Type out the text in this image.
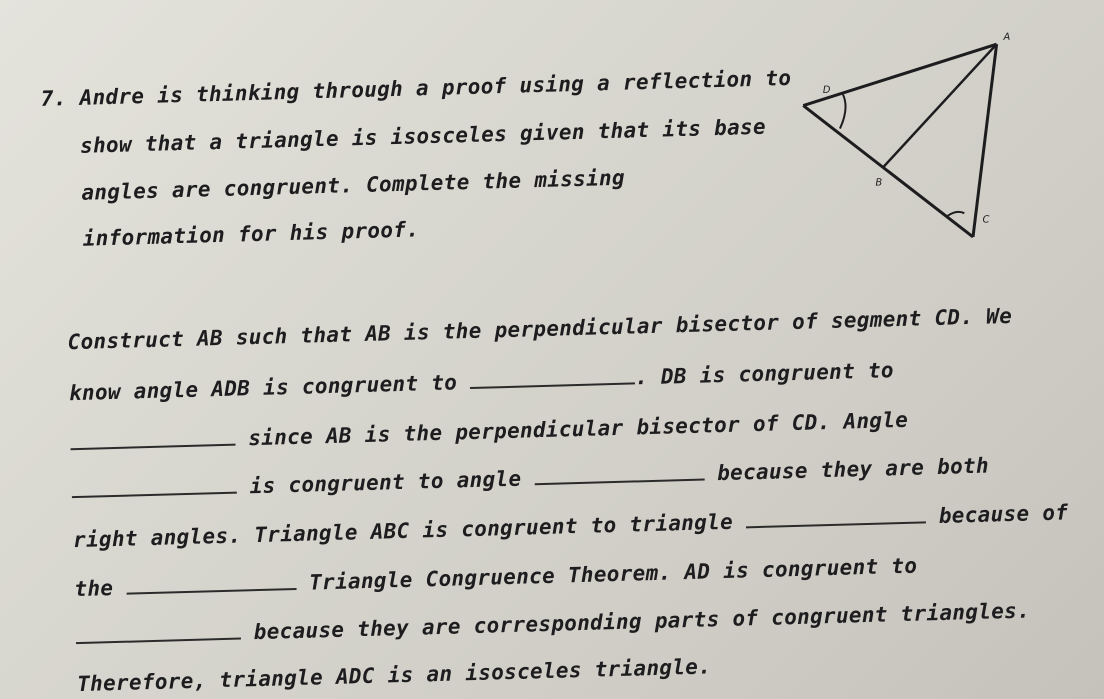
7. Andre is thinking through a proof using a reflection to
show that a triangle is isosceles given that its base
angles are congruent. Complete the missing
information for his proof.
A
D
B
C
Construct AB such that AB is the perpendicular bisector of segment CD. We
know angle ADB is congruent to	. DB is congruent to
since AB is the perpendicular bisector of CD. Angle
is congruent to angle	because they are both
right angles. Triangle ABC is congruent to triangle	because of
the	Triangle Congruence Theorem. AD is congruent to
because they are corresponding parts of congruent triangles.
Therefore, triangle ADC is an isosceles triangle.
